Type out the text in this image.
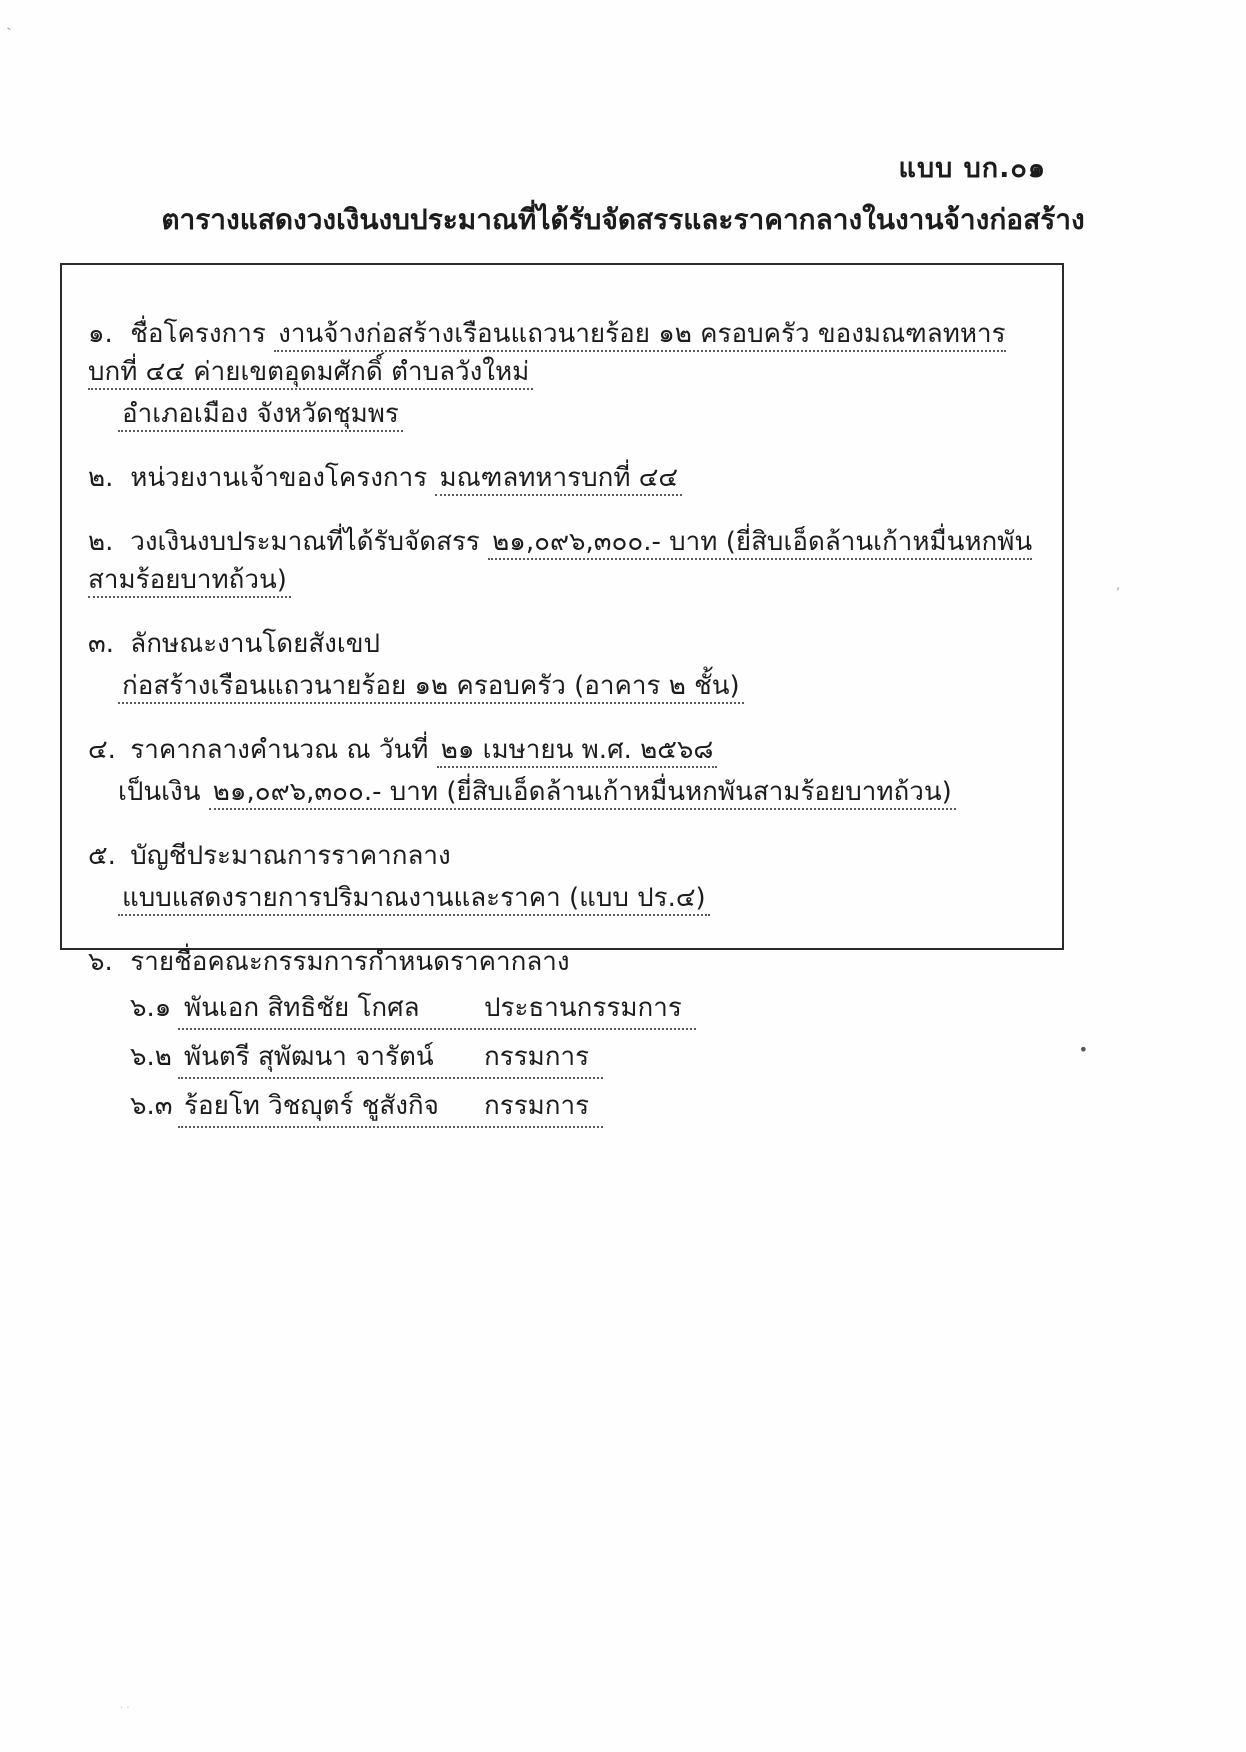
แบบ บก.๐๑
ตารางแสดงวงเงินงบประมาณที่ได้รับจัดสรรและราคากลางในงานจ้างก่อสร้าง
๑. ชื่อโครงการ งานจ้างก่อสร้างเรือนแถวนายร้อย ๑๒ ครอบครัว ของมณฑลทหารบกที่ ๔๔ ค่ายเขตอุดมศักดิ์ ตำบลวังใหม่
อำเภอเมือง จังหวัดชุมพร
๒. หน่วยงานเจ้าของโครงการ มณฑลทหารบกที่ ๔๔
๒. วงเงินงบประมาณที่ได้รับจัดสรร ๒๑,๐๙๖,๓๐๐.- บาท (ยี่สิบเอ็ดล้านเก้าหมื่นหกพันสามร้อยบาทถ้วน)
๓. ลักษณะงานโดยสังเขป
ก่อสร้างเรือนแถวนายร้อย ๑๒ ครอบครัว (อาคาร ๒ ชั้น)
๔. ราคากลางคำนวณ ณ วันที่ ๒๑ เมษายน พ.ศ. ๒๕๖๘
เป็นเงิน ๒๑,๐๙๖,๓๐๐.- บาท (ยี่สิบเอ็ดล้านเก้าหมื่นหกพันสามร้อยบาทถ้วน)
๕. บัญชีประมาณการราคากลาง
แบบแสดงรายการปริมาณงานและราคา (แบบ ปร.๔)
๖. รายชื่อคณะกรรมการกำหนดราคากลาง
๖.๑ พันเอก สิทธิชัย โกศล ประธานกรรมการ
๖.๒ พันตรี สุพัฒนา จารัตน์ กรรมการ
๖.๓ ร้อยโท วิชญุตร์ ชูสังกิจ กรรมการ
`
‚
•
· ·
